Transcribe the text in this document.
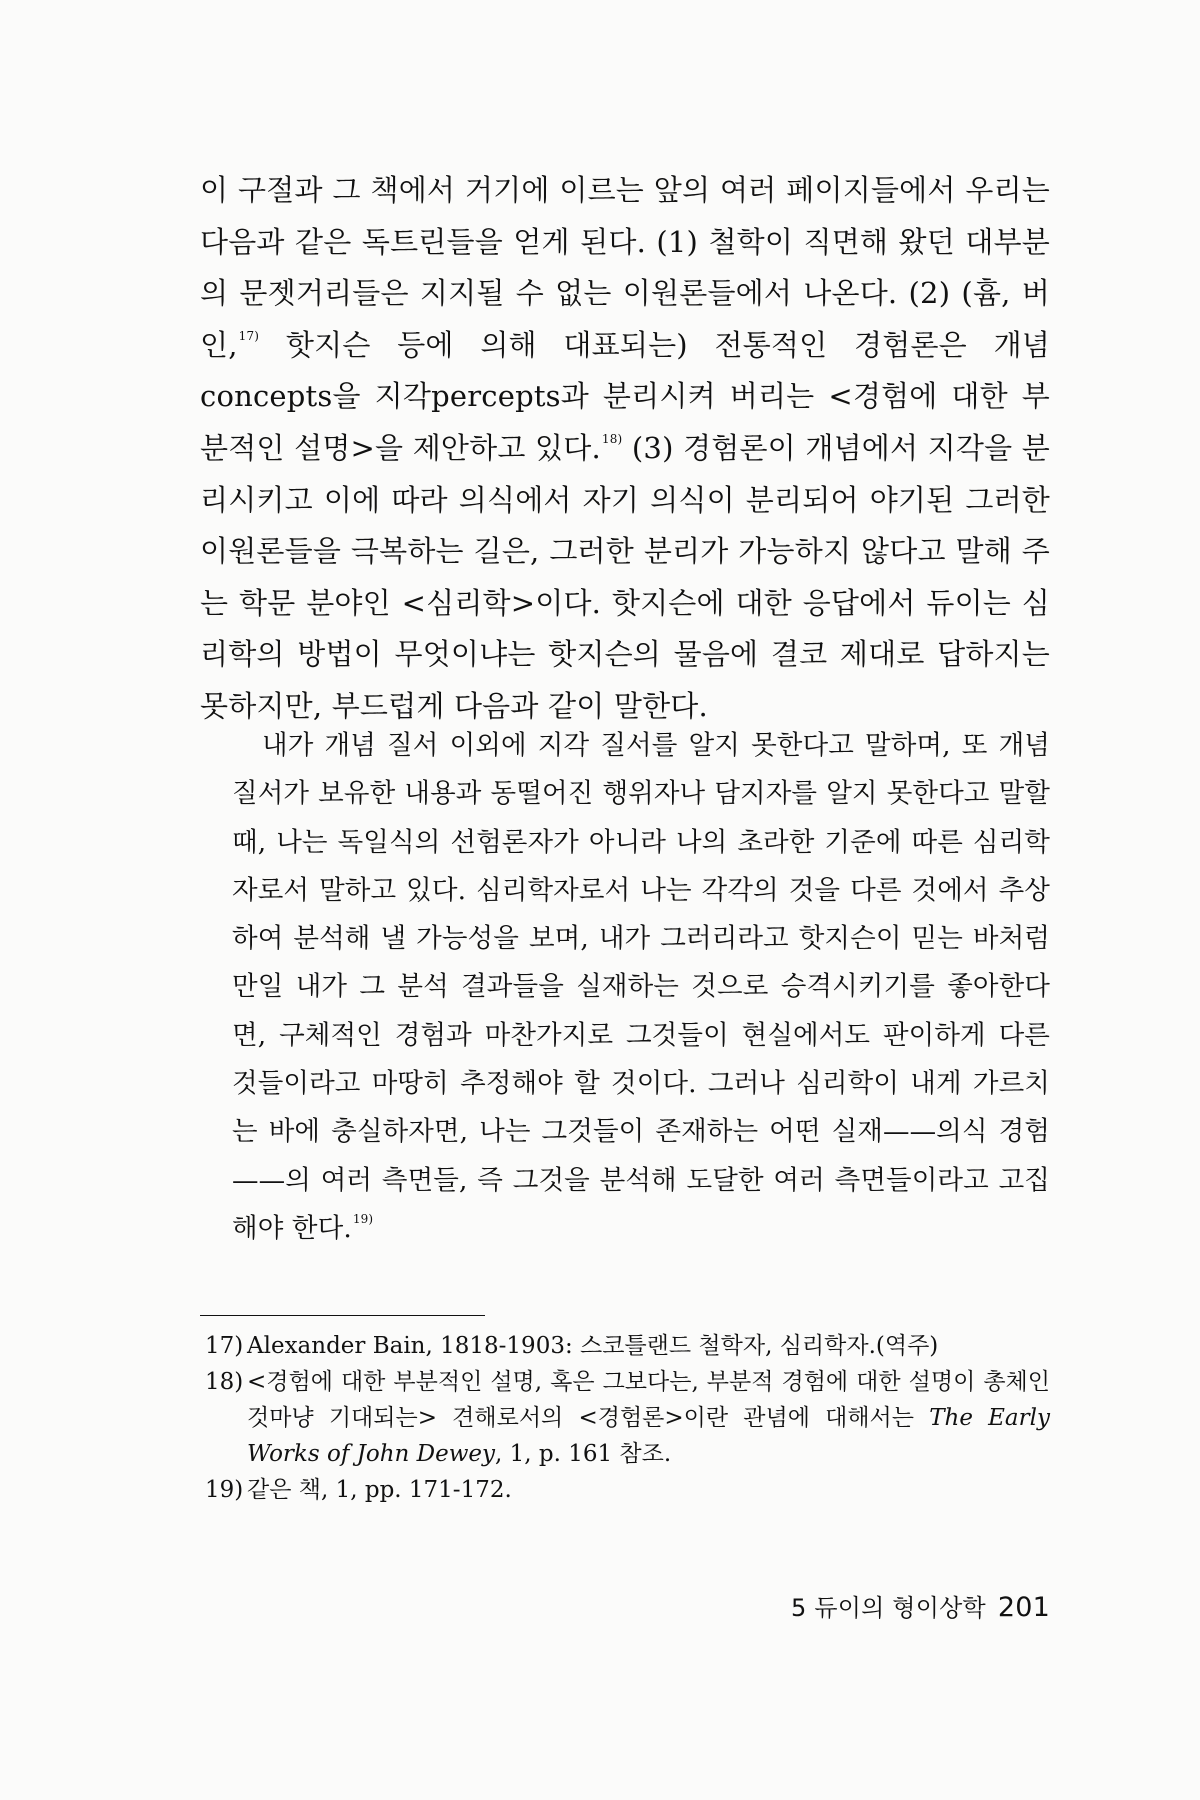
이 구절과 그 책에서 거기에 이르는 앞의 여러 페이지들에서 우리는 다음과 같은 독트린들을 얻게 된다. (1) 철학이 직면해 왔던 대부분의 문젯거리들은 지지될 수 없는 이원론들에서 나온다. (2) (흄, 버인,$^{17)}$ 핫지슨 등에 의해 대표되는) 전통적인 경험론은 개념concepts을 지각percepts과 분리시켜 버리는 <경험에 대한 부분적인 설명>을 제안하고 있다.$^{18)}$ (3) 경험론이 개념에서 지각을 분리시키고 이에 따라 의식에서 자기 의식이 분리되어 야기된 그러한 이원론들을 극복하는 길은, 그러한 분리가 가능하지 않다고 말해 주는 학문 분야인 <심리학>이다. 핫지슨에 대한 응답에서 듀이는 심리학의 방법이 무엇이냐는 핫지슨의 물음에 결코 제대로 답하지는 못하지만, 부드럽게 다음과 같이 말한다.

내가 개념 질서 이외에 지각 질서를 알지 못한다고 말하며, 또 개념 질서가 보유한 내용과 동떨어진 행위자나 담지자를 알지 못한다고 말할 때, 나는 독일식의 선험론자가 아니라 나의 초라한 기준에 따른 심리학자로서 말하고 있다. 심리학자로서 나는 각각의 것을 다른 것에서 추상하여 분석해 낼 가능성을 보며, 내가 그러리라고 핫지슨이 믿는 바처럼 만일 내가 그 분석 결과들을 실재하는 것으로 승격시키기를 좋아한다면, 구체적인 경험과 마찬가지로 그것들이 현실에서도 판이하게 다른 것들이라고 마땅히 추정해야 할 것이다. 그러나 심리학이 내게 가르치는 바에 충실하자면, 나는 그것들이 존재하는 어떤 실재——의식 경험——의 여러 측면들, 즉 그것을 분석해 도달한 여러 측면들이라고 고집해야 한다.$^{19)}$

17) Alexander Bain, 1818-1903: 스코틀랜드 철학자, 심리학자.(역주)
18) <경험에 대한 부분적인 설명, 혹은 그보다는, 부분적 경험에 대한 설명이 총체인 것마냥 기대되는> 견해로서의 <경험론>이란 관념에 대해서는 The Early Works of John Dewey, 1, p. 161 참조.
19) 같은 책, 1, pp. 171-172.
5 듀이의 형이상학 201
